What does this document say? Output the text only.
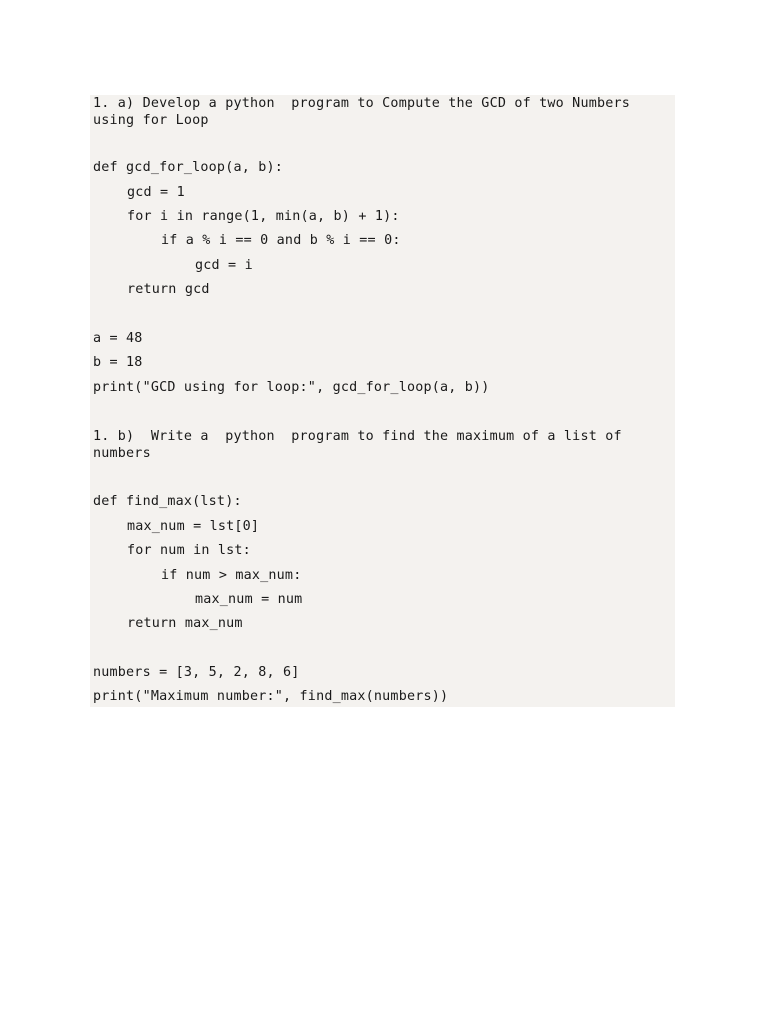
1. a) Develop a python  program to Compute the GCD of two Numbers using for Loop
def gcd_for_loop(a, b):
gcd = 1
for i in range(1, min(a, b) + 1):
if a % i == 0 and b % i == 0:
gcd = i
return gcd
a = 48
b = 18
print("GCD using for loop:", gcd_for_loop(a, b))
1. b)  Write a  python  program to find the maximum of a list of numbers
def find_max(lst):
max_num = lst[0]
for num in lst:
if num > max_num:
max_num = num
return max_num
numbers = [3, 5, 2, 8, 6]
print("Maximum number:", find_max(numbers))
